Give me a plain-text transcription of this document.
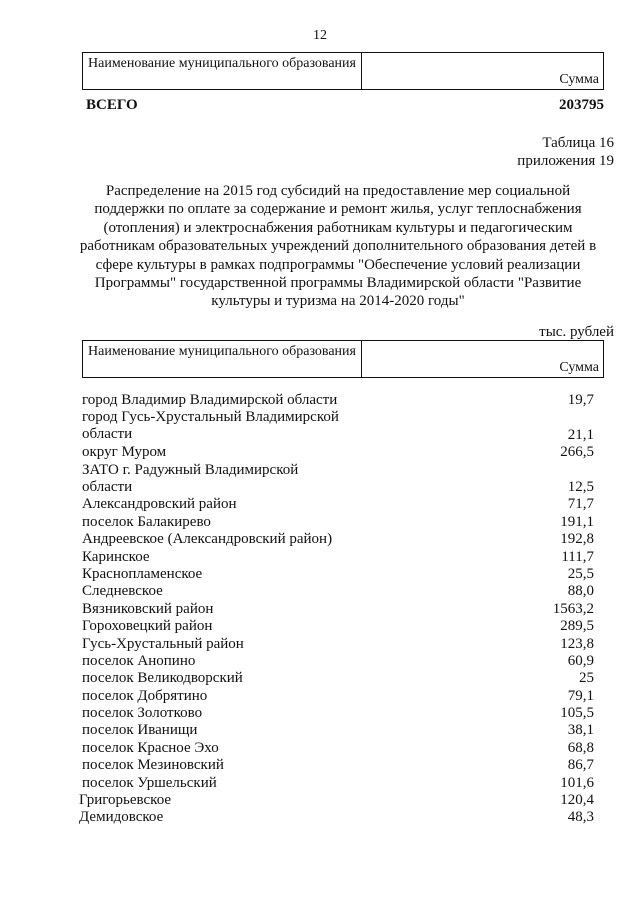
12
Наименование муниципального образования	Сумма
ВСЕГО	203795
Таблица 16
приложения 19
Распределение на 2015 год субсидий на предоставление мер социальной поддержки по оплате за содержание и ремонт жилья, услуг теплоснабжения (отопления) и электроснабжения работникам культуры и педагогическим работникам образовательных учреждений дополнительного образования детей в сфере культуры в рамках подпрограммы "Обеспечение условий реализации Программы" государственной программы Владимирской области "Развитие культуры и туризма на 2014-2020 годы"
тыс. рублей
Наименование муниципального образования	Сумма
город Владимир Владимирской области	19,7
город Гусь-Хрустальный Владимирской
области	21,1
округ Муром	266,5
ЗАТО г. Радужный Владимирской
области	12,5
Александровский район	71,7
поселок Балакирево	191,1
Андреевское (Александровский район)	192,8
Каринское	111,7
Краснопламенское	25,5
Следневское	88,0
Вязниковский район	1563,2
Гороховецкий район	289,5
Гусь-Хрустальный район	123,8
поселок Анопино	60,9
поселок Великодворский	25
поселок Добрятино	79,1
поселок Золотково	105,5
поселок Иванищи	38,1
поселок Красное Эхо	68,8
поселок Мезиновский	86,7
поселок Уршельский	101,6
Григорьевское	120,4
Демидовское	48,3
